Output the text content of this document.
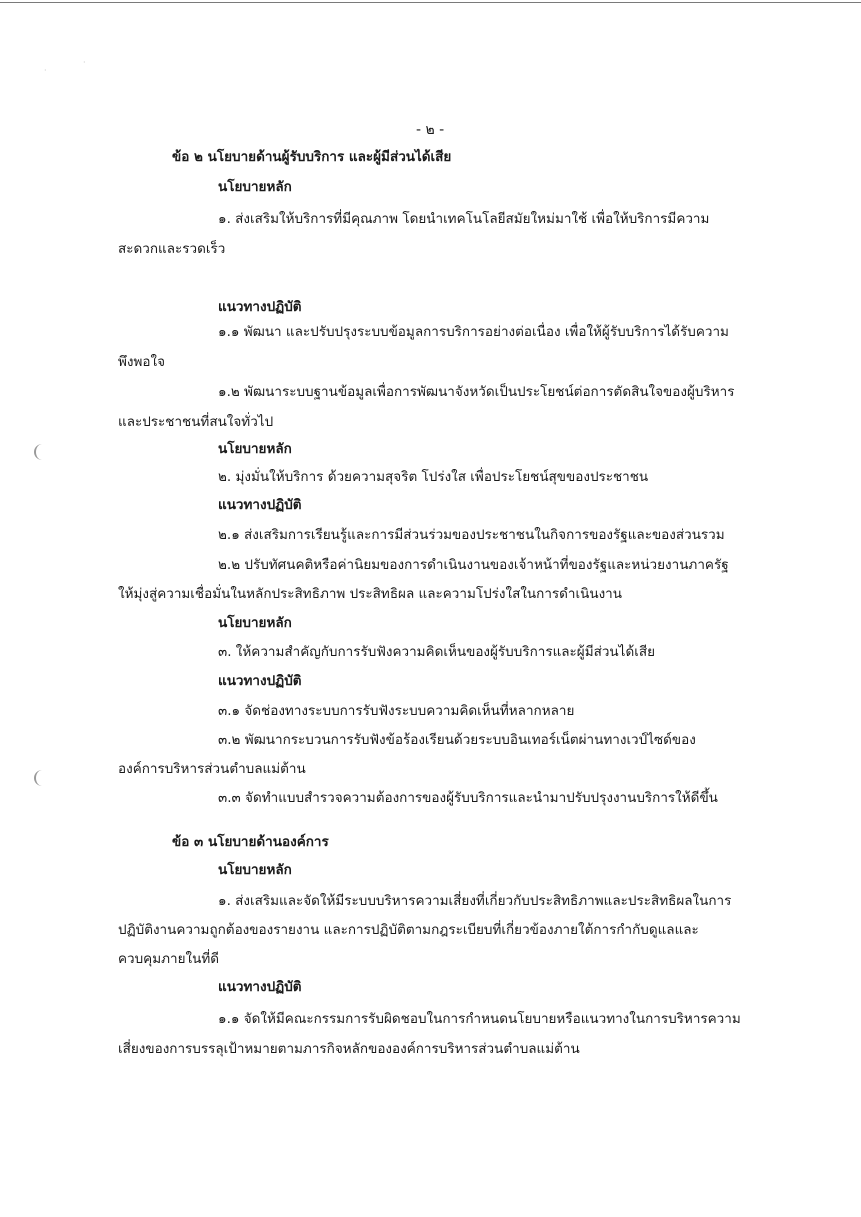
·
·
- ๒ -
ข้อ ๒ นโยบายด้านผู้รับบริการ และผู้มีส่วนได้เสีย
นโยบายหลัก
๑. ส่งเสริมให้บริการที่มีคุณภาพ โดยนำเทคโนโลยีสมัยใหม่มาใช้ เพื่อให้บริการมีความ
สะดวกและรวดเร็ว
แนวทางปฏิบัติ
๑.๑ พัฒนา และปรับปรุงระบบข้อมูลการบริการอย่างต่อเนื่อง เพื่อให้ผู้รับบริการได้รับความ
พึงพอใจ
๑.๒ พัฒนาระบบฐานข้อมูลเพื่อการพัฒนาจังหวัดเป็นประโยชน์ต่อการตัดสินใจของผู้บริหาร
และประชาชนที่สนใจทั่วไป
นโยบายหลัก
๒. มุ่งมั่นให้บริการ ด้วยความสุจริต โปร่งใส เพื่อประโยชน์สุขของประชาชน
แนวทางปฏิบัติ
๒.๑ ส่งเสริมการเรียนรู้และการมีส่วนร่วมของประชาชนในกิจการของรัฐและของส่วนรวม
๒.๒ ปรับทัศนคติหรือค่านิยมของการดำเนินงานของเจ้าหน้าที่ของรัฐและหน่วยงานภาครัฐ
ให้มุ่งสู่ความเชื่อมั่นในหลักประสิทธิภาพ ประสิทธิผล และความโปร่งใสในการดำเนินงาน
นโยบายหลัก
๓. ให้ความสำคัญกับการรับฟังความคิดเห็นของผู้รับบริการและผู้มีส่วนได้เสีย
แนวทางปฏิบัติ
๓.๑ จัดช่องทางระบบการรับฟังระบบความคิดเห็นที่หลากหลาย
๓.๒ พัฒนากระบวนการรับฟังข้อร้องเรียนด้วยระบบอินเทอร์เน็ตผ่านทางเวป์ไซด์ของ
องค์การบริหารส่วนตำบลแม่ต้าน
๓.๓ จัดทำแบบสำรวจความต้องการของผู้รับบริการและนำมาปรับปรุงงานบริการให้ดีขึ้น
ข้อ ๓ นโยบายด้านองค์การ
นโยบายหลัก
๑. ส่งเสริมและจัดให้มีระบบบริหารความเสี่ยงที่เกี่ยวกับประสิทธิภาพและประสิทธิผลในการ
ปฏิบัติงานความถูกต้องของรายงาน และการปฏิบัติตามกฎระเบียบที่เกี่ยวข้องภายใต้การกำกับดูแลและ
ควบคุมภายในที่ดี
แนวทางปฏิบัติ
๑.๑ จัดให้มีคณะกรรมการรับผิดชอบในการกำหนดนโยบายหรือแนวทางในการบริหารความ
เสี่ยงของการบรรลุเป้าหมายตามภารกิจหลักขององค์การบริหารส่วนตำบลแม่ต้าน
